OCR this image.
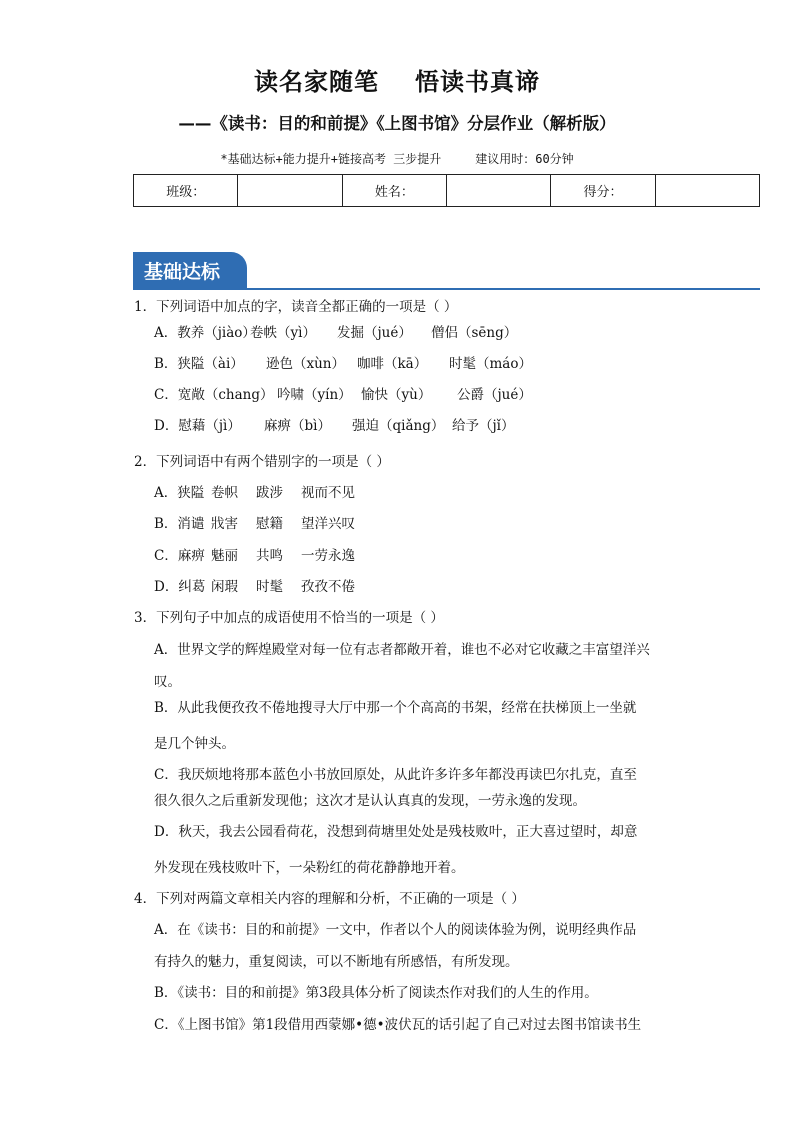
读名家随笔 悟读书真谛
——《读书：目的和前提》《上图书馆》分层作业（解析版）
*基础达标+能力提升+链接高考 三步提升	建议用时：60分钟
班级：		姓名：		得分：	
基础达标
1．下列词语中加点的字，读音全都正确的一项是（ ）
A．教养（jiào）卷帙（yì） 发掘（jué） 僧侣（sēng）
B．狭隘（ài） 逊色（xùn） 咖啡（kā） 时髦（máo）
C．宽敞（chang） 吟啸（yín） 愉快（yù） 公爵（jué）
D．慰藉（jì） 麻痹（bì） 强迫（qiǎng） 给予（jǐ）
2．下列词语中有两个错别字的一项是（ ）
A．狭隘 卷帜 跋涉 视而不见
B．消谴 戕害 慰籍 望洋兴叹
C．麻痹 魅丽 共鸣 一劳永逸
D．纠葛 闲瑕 时髦 孜孜不倦
3．下列句子中加点的成语使用不恰当的一项是（ ）
A．世界文学的辉煌殿堂对每一位有志者都敞开着，谁也不必对它收藏之丰富望洋兴叹。
B．从此我便孜孜不倦地搜寻大厅中那一个个高高的书架，经常在扶梯顶上一坐就
是几个钟头。
C．我厌烦地将那本蓝色小书放回原处，从此许多许多年都没再读巴尔扎克，直至
很久很久之后重新发现他；这次才是认认真真的发现，一劳永逸的发现。
D．秋天，我去公园看荷花，没想到荷塘里处处是残枝败叶，正大喜过望时，却意
外发现在残枝败叶下，一朵粉红的荷花静静地开着。
4．下列对两篇文章相关内容的理解和分析，不正确的一项是（ ）
A．在《读书：目的和前提》一文中，作者以个人的阅读体验为例，说明经典作品
有持久的魅力，重复阅读，可以不断地有所感悟，有所发现。
B．《读书：目的和前提》第3段具体分析了阅读杰作对我们的人生的作用。
C．《上图书馆》第1段借用西蒙娜•德•波伏瓦的话引起了自己对过去图书馆读书生
